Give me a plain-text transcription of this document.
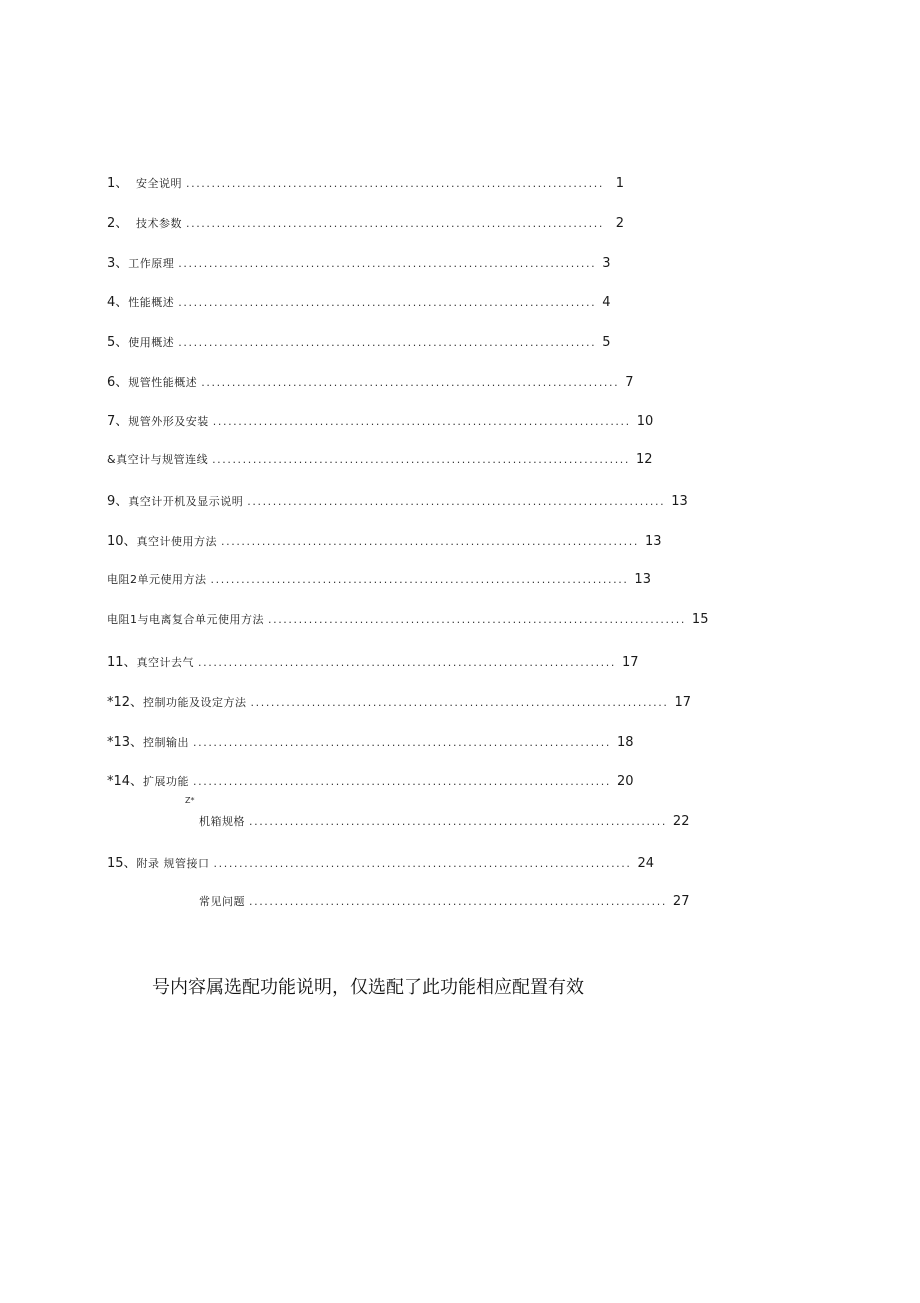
1、 安全说明 .................................................................................. 1
2、 技术参数 .................................................................................. 2
3、 工作原理 .................................................................................. 3
4、 性能概述 .................................................................................. 4
5、 使用概述 .................................................................................. 5
6、 规管性能概述 .................................................................................. 7
7、 规管外形及安装 .................................................................................. 10
&真空计与规管连线 .................................................................................. 12
9、 真空计开机及显示说明 .................................................................................. 13
10、 真空计使用方法 .................................................................................. 13
电阻2单元使用方法 .................................................................................. 13
电阻1与电离复合单元使用方法 .................................................................................. 15
11、 真空计去气 .................................................................................. 17
*12、 控制功能及设定方法 .................................................................................. 17
*13、 控制输出 .................................................................................. 18
*14、 扩展功能 .................................................................................. 20
Z*
机箱规格 .................................................................................. 22
15、 附录 规管接口 .................................................................................. 24
常见问题 .................................................................................. 27
号内容属选配功能说明，仅选配了此功能相应配置有效
